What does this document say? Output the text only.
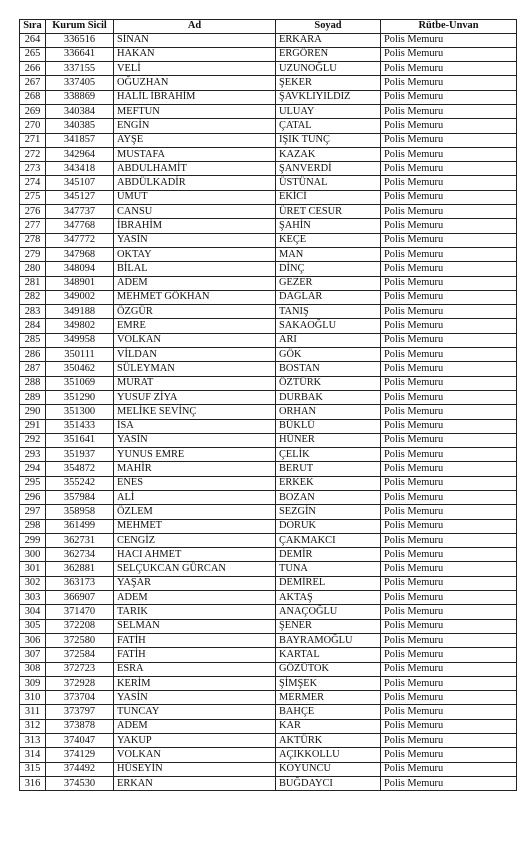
Sıra	Kurum Sicil	Ad	Soyad	Rütbe-Unvan
264	336516	SİNAN	ERKARA	Polis Memuru
265	336641	HAKAN	ERGÖREN	Polis Memuru
266	337155	VELİ	UZUNOĞLU	Polis Memuru
267	337405	OĞUZHAN	ŞEKER	Polis Memuru
268	338869	HALİL İBRAHİM	ŞAVKLIYILDIZ	Polis Memuru
269	340384	MEFTUN	ULUAY	Polis Memuru
270	340385	ENGİN	ÇATAL	Polis Memuru
271	341857	AYŞE	IŞIK TUNÇ	Polis Memuru
272	342964	MUSTAFA	KAZAK	Polis Memuru
273	343418	ABDULHAMİT	ŞANVERDİ	Polis Memuru
274	345107	ABDÜLKADİR	ÜSTÜNAL	Polis Memuru
275	345127	UMUT	EKİCİ	Polis Memuru
276	347737	CANSU	ÜRET CESUR	Polis Memuru
277	347768	İBRAHİM	ŞAHİN	Polis Memuru
278	347772	YASİN	KEÇE	Polis Memuru
279	347968	OKTAY	MAN	Polis Memuru
280	348094	BİLAL	DİNÇ	Polis Memuru
281	348901	ADEM	GEZER	Polis Memuru
282	349002	MEHMET GÖKHAN	DAĞLAR	Polis Memuru
283	349188	ÖZGÜR	TANIŞ	Polis Memuru
284	349802	EMRE	SAKAOĞLU	Polis Memuru
285	349958	VOLKAN	ARI	Polis Memuru
286	350111	VİLDAN	GÖK	Polis Memuru
287	350462	SÜLEYMAN	BOSTAN	Polis Memuru
288	351069	MURAT	ÖZTÜRK	Polis Memuru
289	351290	YUSUF ZİYA	DURBAK	Polis Memuru
290	351300	MELİKE SEVİNÇ	ORHAN	Polis Memuru
291	351433	İSA	BÜKLÜ	Polis Memuru
292	351641	YASİN	HÜNER	Polis Memuru
293	351937	YUNUS EMRE	ÇELİK	Polis Memuru
294	354872	MAHİR	BERUT	Polis Memuru
295	355242	ENES	ERKEK	Polis Memuru
296	357984	ALİ	BOZAN	Polis Memuru
297	358958	ÖZLEM	SEZGİN	Polis Memuru
298	361499	MEHMET	DORUK	Polis Memuru
299	362731	CENGİZ	ÇAKMAKCI	Polis Memuru
300	362734	HACI AHMET	DEMİR	Polis Memuru
301	362881	SELÇUKCAN GÜRCAN	TUNA	Polis Memuru
302	363173	YAŞAR	DEMİREL	Polis Memuru
303	366907	ADEM	AKTAŞ	Polis Memuru
304	371470	TARIK	ANAÇOĞLU	Polis Memuru
305	372208	SELMAN	ŞENER	Polis Memuru
306	372580	FATİH	BAYRAMOĞLU	Polis Memuru
307	372584	FATİH	KARTAL	Polis Memuru
308	372723	ESRA	GÖZÜTOK	Polis Memuru
309	372928	KERİM	ŞİMŞEK	Polis Memuru
310	373704	YASİN	MERMER	Polis Memuru
311	373797	TUNCAY	BAHÇE	Polis Memuru
312	373878	ADEM	KAR	Polis Memuru
313	374047	YAKUP	AKTÜRK	Polis Memuru
314	374129	VOLKAN	AÇIKKOLLU	Polis Memuru
315	374492	HÜSEYİN	KOYUNCU	Polis Memuru
316	374530	ERKAN	BUĞDAYCI	Polis Memuru
